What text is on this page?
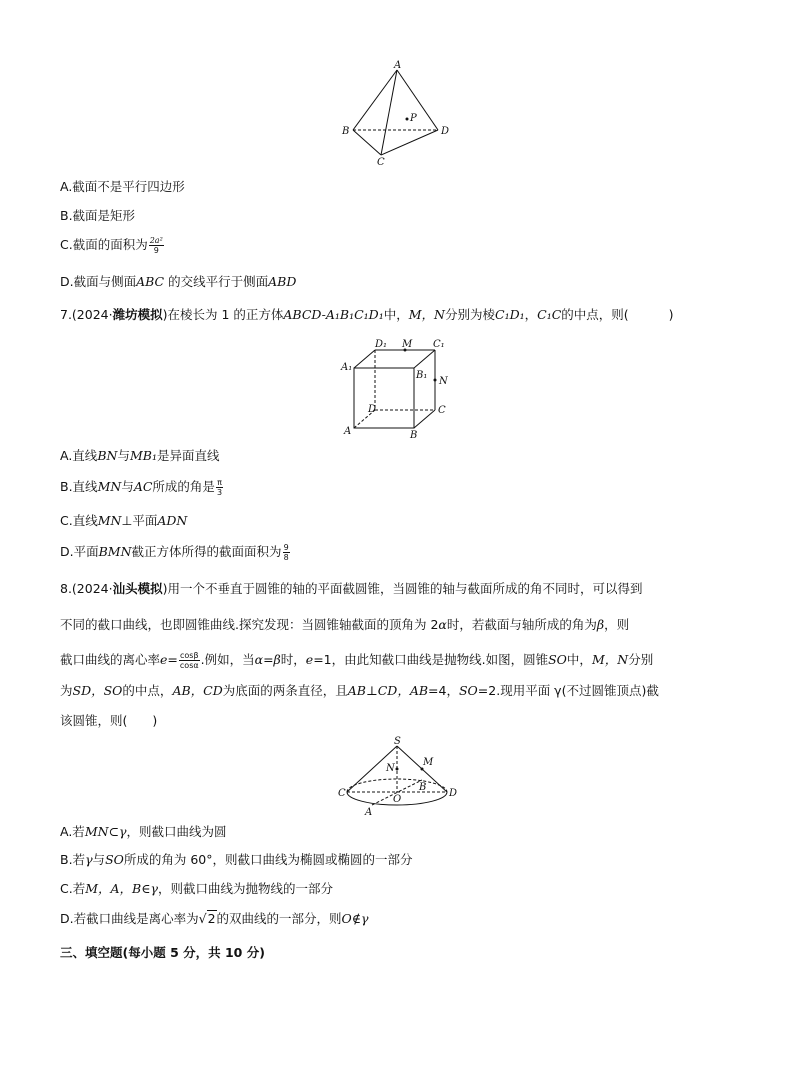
A
B
C
D
P
A.截面不是平行四边形
B.截面是矩形
C.截面的面积为 $\frac{\text{2a²}}{9}$
D.截面与侧面ABC 的交线平行于侧面ABD
7.(2024·潍坊模拟)在棱长为 1 的正方体ABCD-A₁B₁C₁D₁中，M，N分别为棱C₁D₁，C₁C的中点，则(	)
D₁ M C₁
A₁
B₁
N
D	C
A	B
A.直线BN与MB₁是异面直线
B.直线MN与AC所成的角是 $\frac{\pi}{3}$
C.直线MN⊥平面ADN
D.平面BMN截正方体所得的截面面积为 $\frac{9}{8}$
8.(2024·汕头模拟)用一个不垂直于圆锥的轴的平面截圆锥，当圆锥的轴与截面所成的角不同时，可以得到
不同的截口曲线，也即圆锥曲线.探究发现：当圆锥轴截面的顶角为 2α时，若截面与轴所成的角为β，则
截口曲线的离心率$e= \frac{\cos\beta}{\cos\alpha}$ .例如，当α=β时，e=1，由此知截口曲线是抛物线.如图，圆锥SO中，M，N分别
为SD，SO的中点，AB，CD为底面的两条直径，且AB⊥CD，AB=4，SO=2.现用平面 γ(不过圆锥顶点)截
该圆锥，则(　　)
S
M
N
C
O
B
D
A
A.若MN⊂γ，则截口曲线为圆
B.若γ与SO所成的角为 60°，则截口曲线为椭圆或椭圆的一部分
C.若M，A，B∈γ，则截口曲线为抛物线的一部分
D.若截口曲线是离心率为√2的双曲线的一部分，则O∉γ
三、填空题(每小题 5 分，共 10 分)
